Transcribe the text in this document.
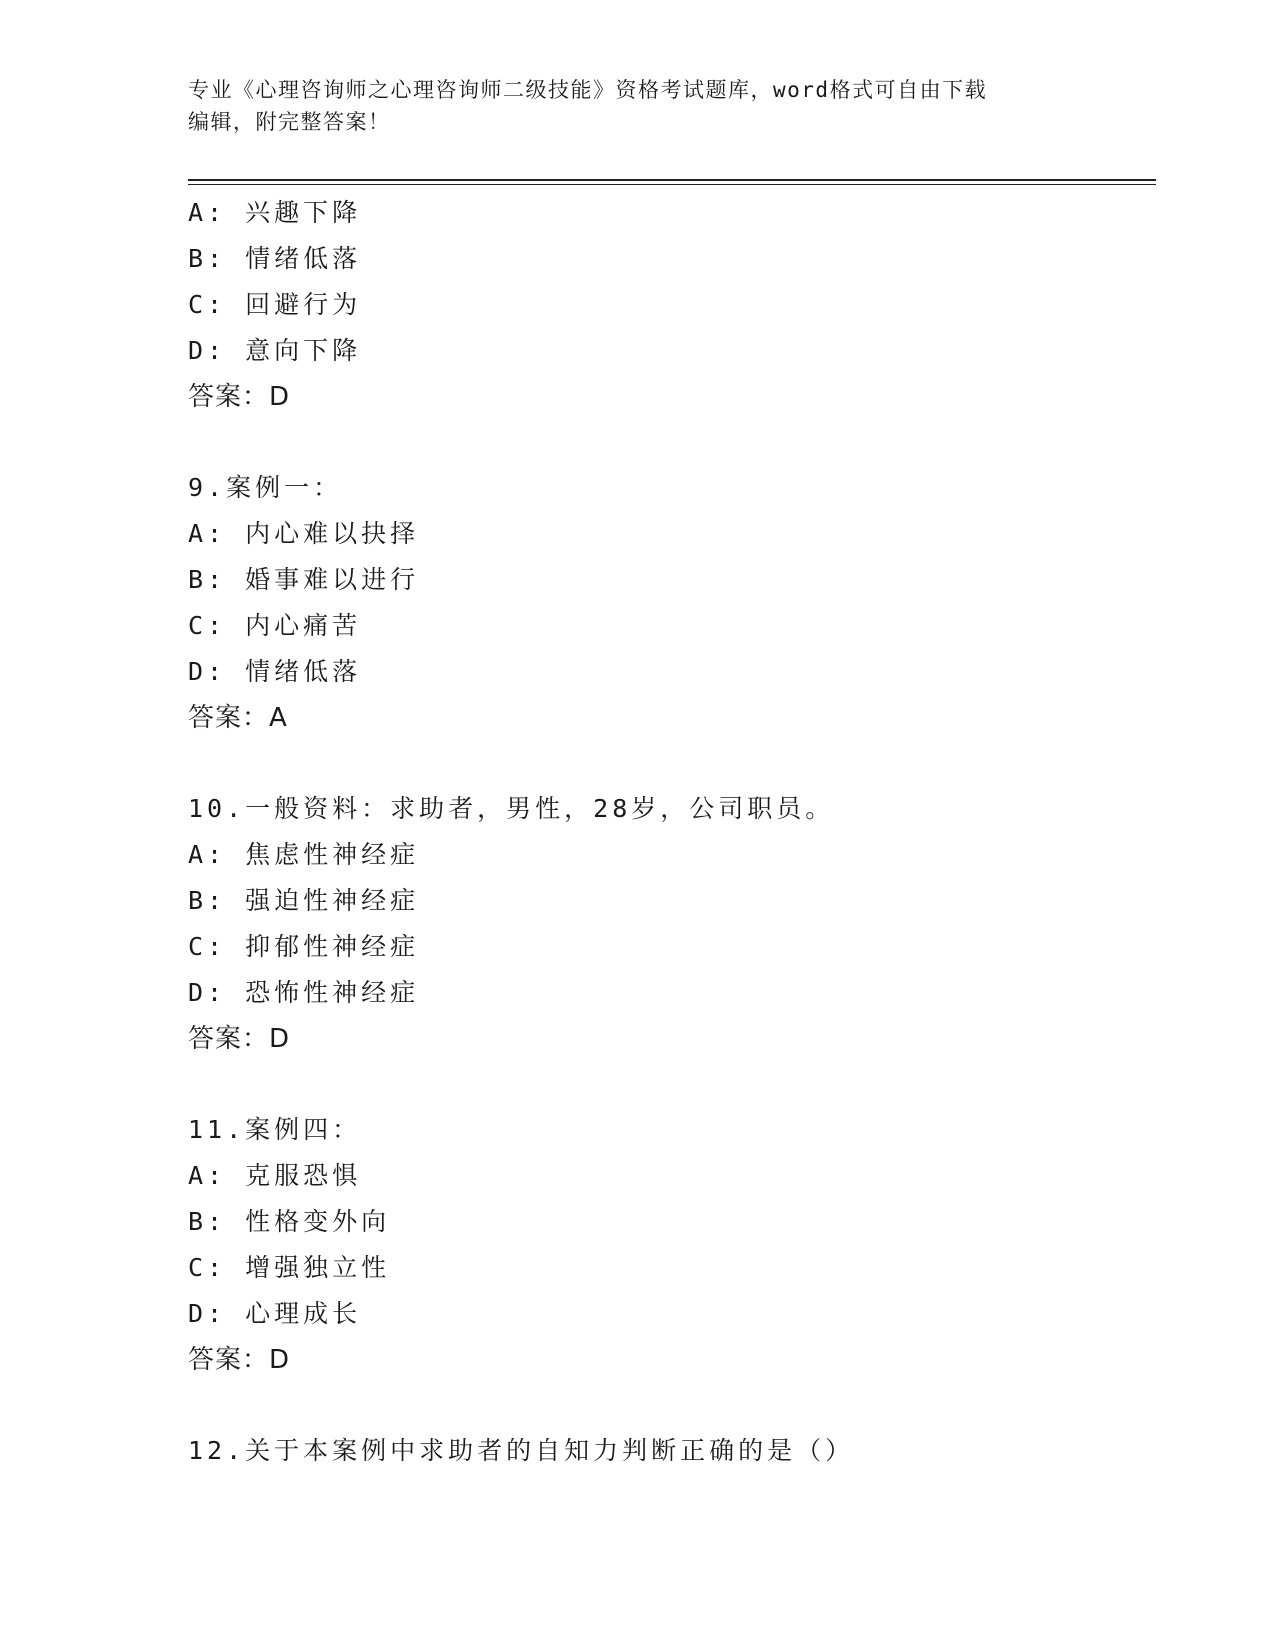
专业《心理咨询师之心理咨询师二级技能》资格考试题库，word格式可自由下载
编辑，附完整答案！
A: 兴趣下降
B: 情绪低落
C: 回避行为
D: 意向下降
答案：D
9.案例一：
A: 内心难以抉择
B: 婚事难以进行
C: 内心痛苦
D: 情绪低落
答案：A
10.一般资料：求助者，男性，28岁，公司职员。
A: 焦虑性神经症
B: 强迫性神经症
C: 抑郁性神经症
D: 恐怖性神经症
答案：D
11.案例四：
A: 克服恐惧
B: 性格变外向
C: 增强独立性
D: 心理成长
答案：D
12.关于本案例中求助者的自知力判断正确的是（）
